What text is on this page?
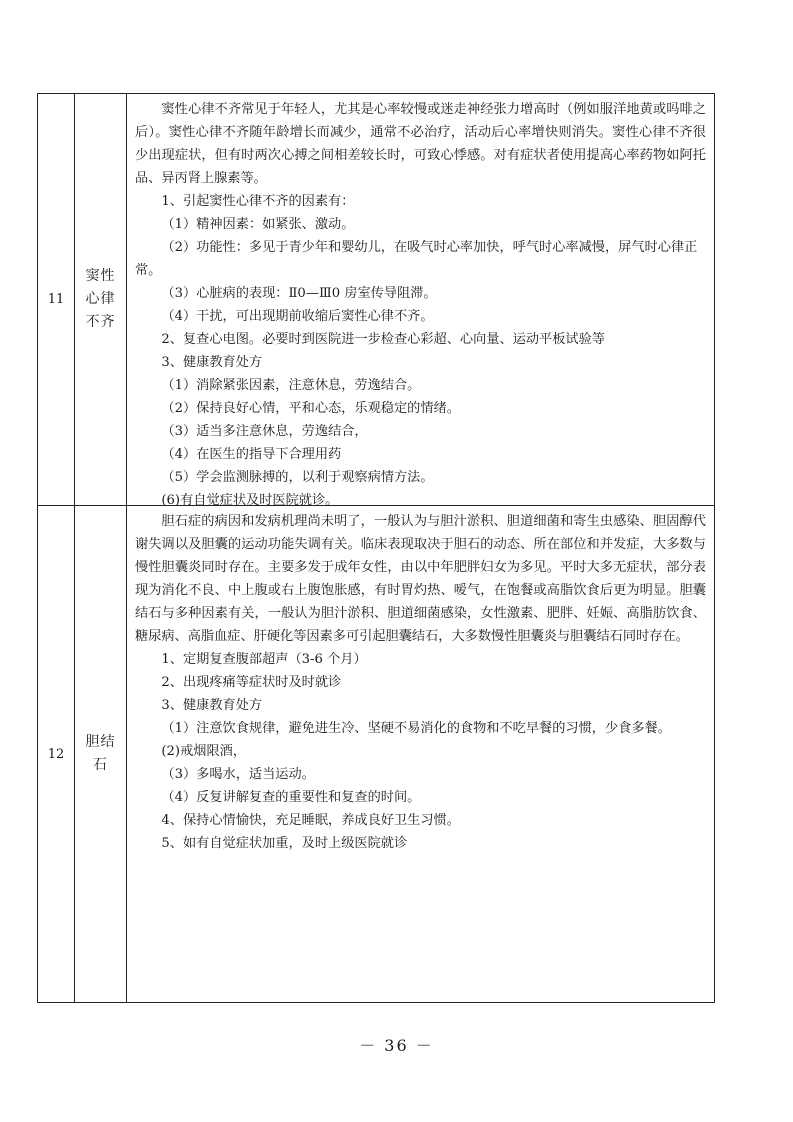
11
窦性
心律
不齐

窦性心律不齐常见于年轻人，尤其是心率较慢或迷走神经张力增高时（例如服洋地黄或吗啡之后）。窦性心律不齐随年龄增长而减少，通常不必治疗，活动后心率增快则消失。窦性心律不齐很少出现症状，但有时两次心搏之间相差较长时，可致心悸感。对有症状者使用提高心率药物如阿托品、异丙肾上腺素等。

1、引起窦性心律不齐的因素有：

（1）精神因素：如紧张、激动。

（2）功能性：多见于青少年和婴幼儿，在吸气时心率加快，呼气时心率减慢，屏气时心律正常。

（3）心脏病的表现：Ⅱ0—Ⅲ0 房室传导阻滞。

（4）干扰，可出现期前收缩后窦性心律不齐。

2、复查心电图。必要时到医院进一步检查心彩超、心向量、运动平板试验等

3、健康教育处方

（1）消除紧张因素，注意休息，劳逸结合。

（2）保持良好心情，平和心态，乐观稳定的情绪。

（3）适当多注意休息，劳逸结合，

（4）在医生的指导下合理用药

（5）学会监测脉搏的，以利于观察病情方法。

(6)有自觉症状及时医院就诊。

12
胆结
石

胆石症的病因和发病机理尚未明了，一般认为与胆汁淤积、胆道细菌和寄生虫感染、胆固醇代谢失调以及胆囊的运动功能失调有关。临床表现取决于胆石的动态、所在部位和并发症，大多数与慢性胆囊炎同时存在。主要多发于成年女性，由以中年肥胖妇女为多见。平时大多无症状，部分表现为消化不良、中上腹或右上腹饱胀感，有时胃灼热、嗳气，在饱餐或高脂饮食后更为明显。胆囊结石与多种因素有关，一般认为胆汁淤积、胆道细菌感染，女性激素、肥胖、妊娠、高脂肪饮食、糖尿病、高脂血症、肝硬化等因素多可引起胆囊结石，大多数慢性胆囊炎与胆囊结石同时存在。

1、定期复查腹部超声（3-6 个月）

2、出现疼痛等症状时及时就诊

3、健康教育处方

（1）注意饮食规律，避免进生冷、坚硬不易消化的食物和不吃早餐的习惯，少食多餐。

(2)戒烟限酒，

（3）多喝水，适当运动。

（4）反复讲解复查的重要性和复查的时间。

4、保持心情愉快，充足睡眠，养成良好卫生习惯。

5、如有自觉症状加重，及时上级医院就诊

－ 36 －
